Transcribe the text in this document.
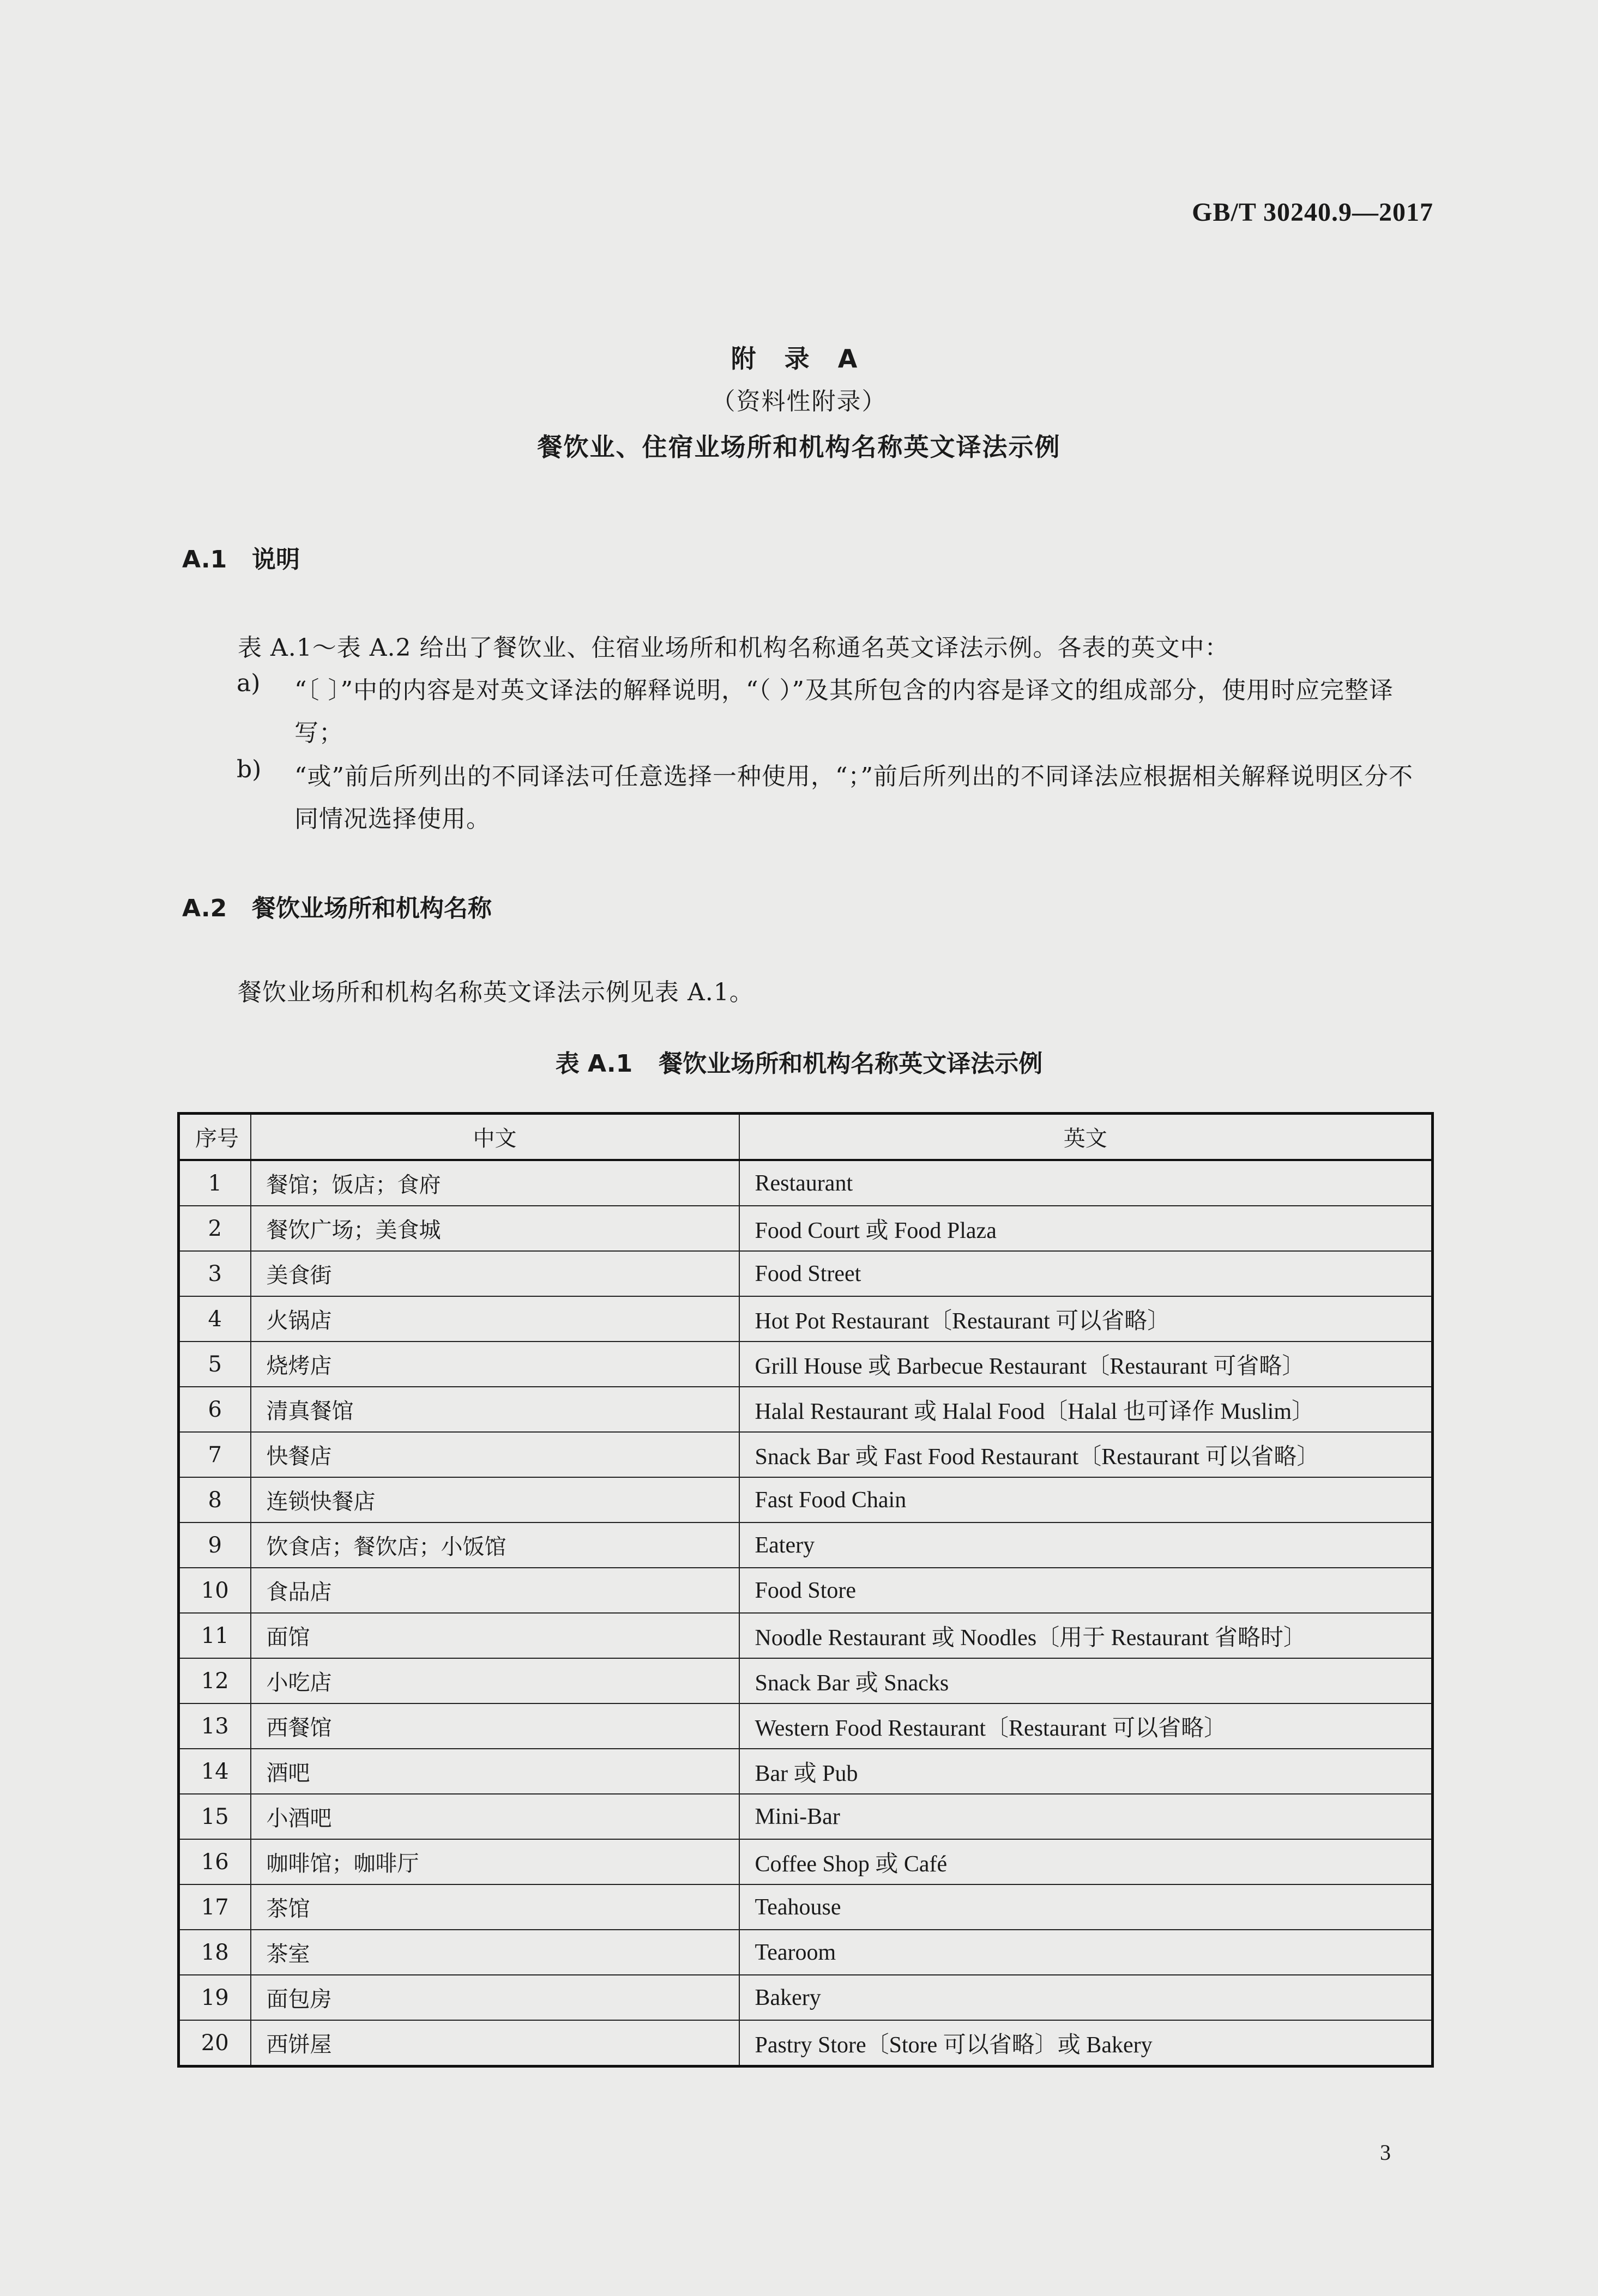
GB/T 30240.9—2017
附 录 A
（资料性附录）
餐饮业、住宿业场所和机构名称英文译法示例
A.1 说明
表 A.1～表 A.2 给出了餐饮业、住宿业场所和机构名称通名英文译法示例。各表的英文中：
a) “〔 〕”中的内容是对英文译法的解释说明，“（ ）”及其所包含的内容是译文的组成部分，使用时应完整译写；
b) “或”前后所列出的不同译法可任意选择一种使用，“；”前后所列出的不同译法应根据相关解释说明区分不同情况选择使用。
A.2 餐饮业场所和机构名称
餐饮业场所和机构名称英文译法示例见表 A.1。
表 A.1 餐饮业场所和机构名称英文译法示例
序号	中文	英文
1	餐馆；饭店；食府	Restaurant
2	餐饮广场；美食城	Food Court 或 Food Plaza
3	美食街	Food Street
4	火锅店	Hot Pot Restaurant〔Restaurant 可以省略〕
5	烧烤店	Grill House 或 Barbecue Restaurant〔Restaurant 可省略〕
6	清真餐馆	Halal Restaurant 或 Halal Food〔Halal 也可译作 Muslim〕
7	快餐店	Snack Bar 或 Fast Food Restaurant〔Restaurant 可以省略〕
8	连锁快餐店	Fast Food Chain
9	饮食店；餐饮店；小饭馆	Eatery
10	食品店	Food Store
11	面馆	Noodle Restaurant 或 Noodles〔用于 Restaurant 省略时〕
12	小吃店	Snack Bar 或 Snacks
13	西餐馆	Western Food Restaurant〔Restaurant 可以省略〕
14	酒吧	Bar 或 Pub
15	小酒吧	Mini-Bar
16	咖啡馆；咖啡厅	Coffee Shop 或 Café
17	茶馆	Teahouse
18	茶室	Tearoom
19	面包房	Bakery
20	西饼屋	Pastry Store〔Store 可以省略〕或 Bakery
3
